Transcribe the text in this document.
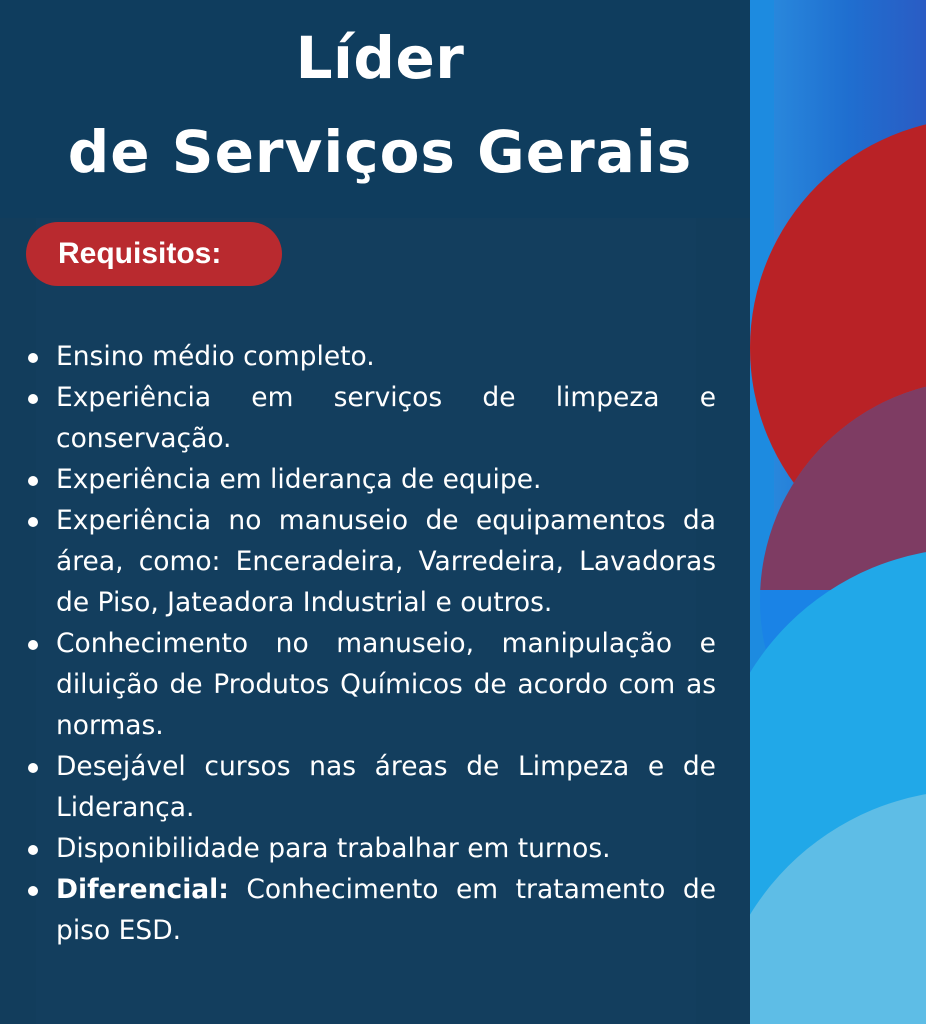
Líder
de Serviços Gerais
Requisitos:
Ensino médio completo.
Experiência em serviços de limpeza e conservação.
Experiência em liderança de equipe.
Experiência no manuseio de equipamentos da área, como: Enceradeira, Varredeira, Lavadoras de Piso, Jateadora Industrial e outros.
Conhecimento no manuseio, manipulação e diluição de Produtos Químicos de acordo com as normas.
Desejável cursos nas áreas de Limpeza e de Liderança.
Disponibilidade para trabalhar em turnos.
Diferencial: Conhecimento em tratamento de piso ESD.
